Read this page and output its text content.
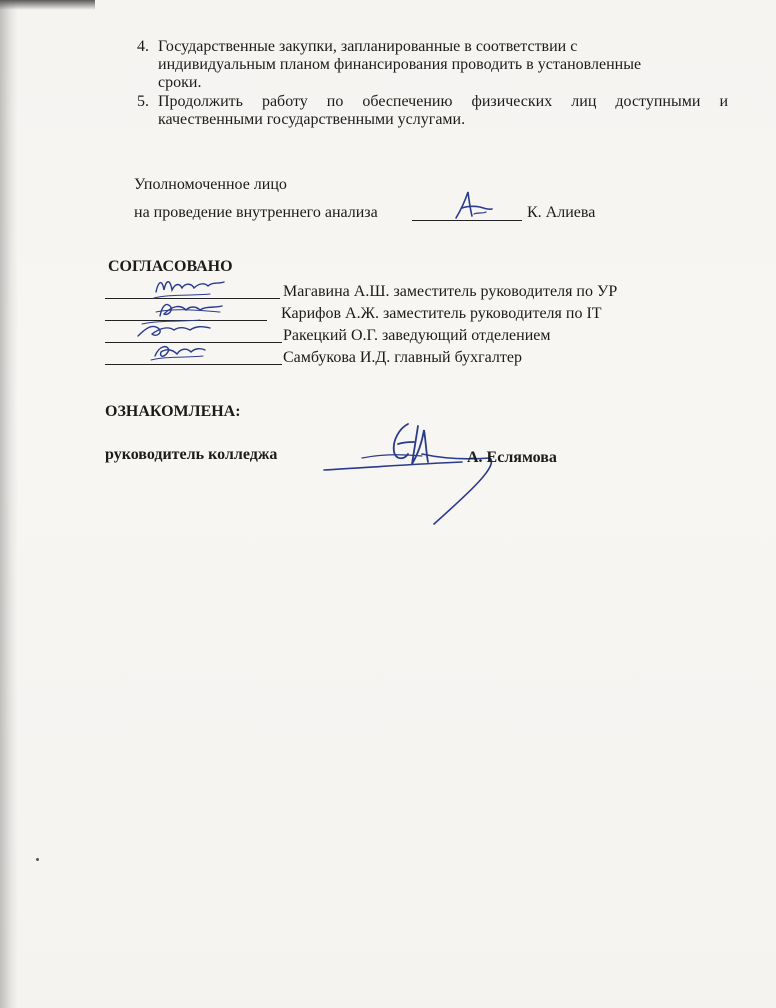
4. Государственные закупки, запланированные в соответствии с
индивидуальным планом финансирования проводить в установленные
сроки.
5. Продолжить работу по обеспечению физических лиц доступными и
качественными государственными услугами.
Уполномоченное лицо
на проведение внутреннего анализа	К. Алиева
СОГЛАСОВАНО
Магавина А.Ш. заместитель руководителя по УР
Карифов А.Ж. заместитель руководителя по IT
Ракецкий О.Г. заведующий отделением
Самбукова И.Д. главный бухгалтер
ОЗНАКОМЛЕНА:
руководитель колледжа	А. Еслямова
